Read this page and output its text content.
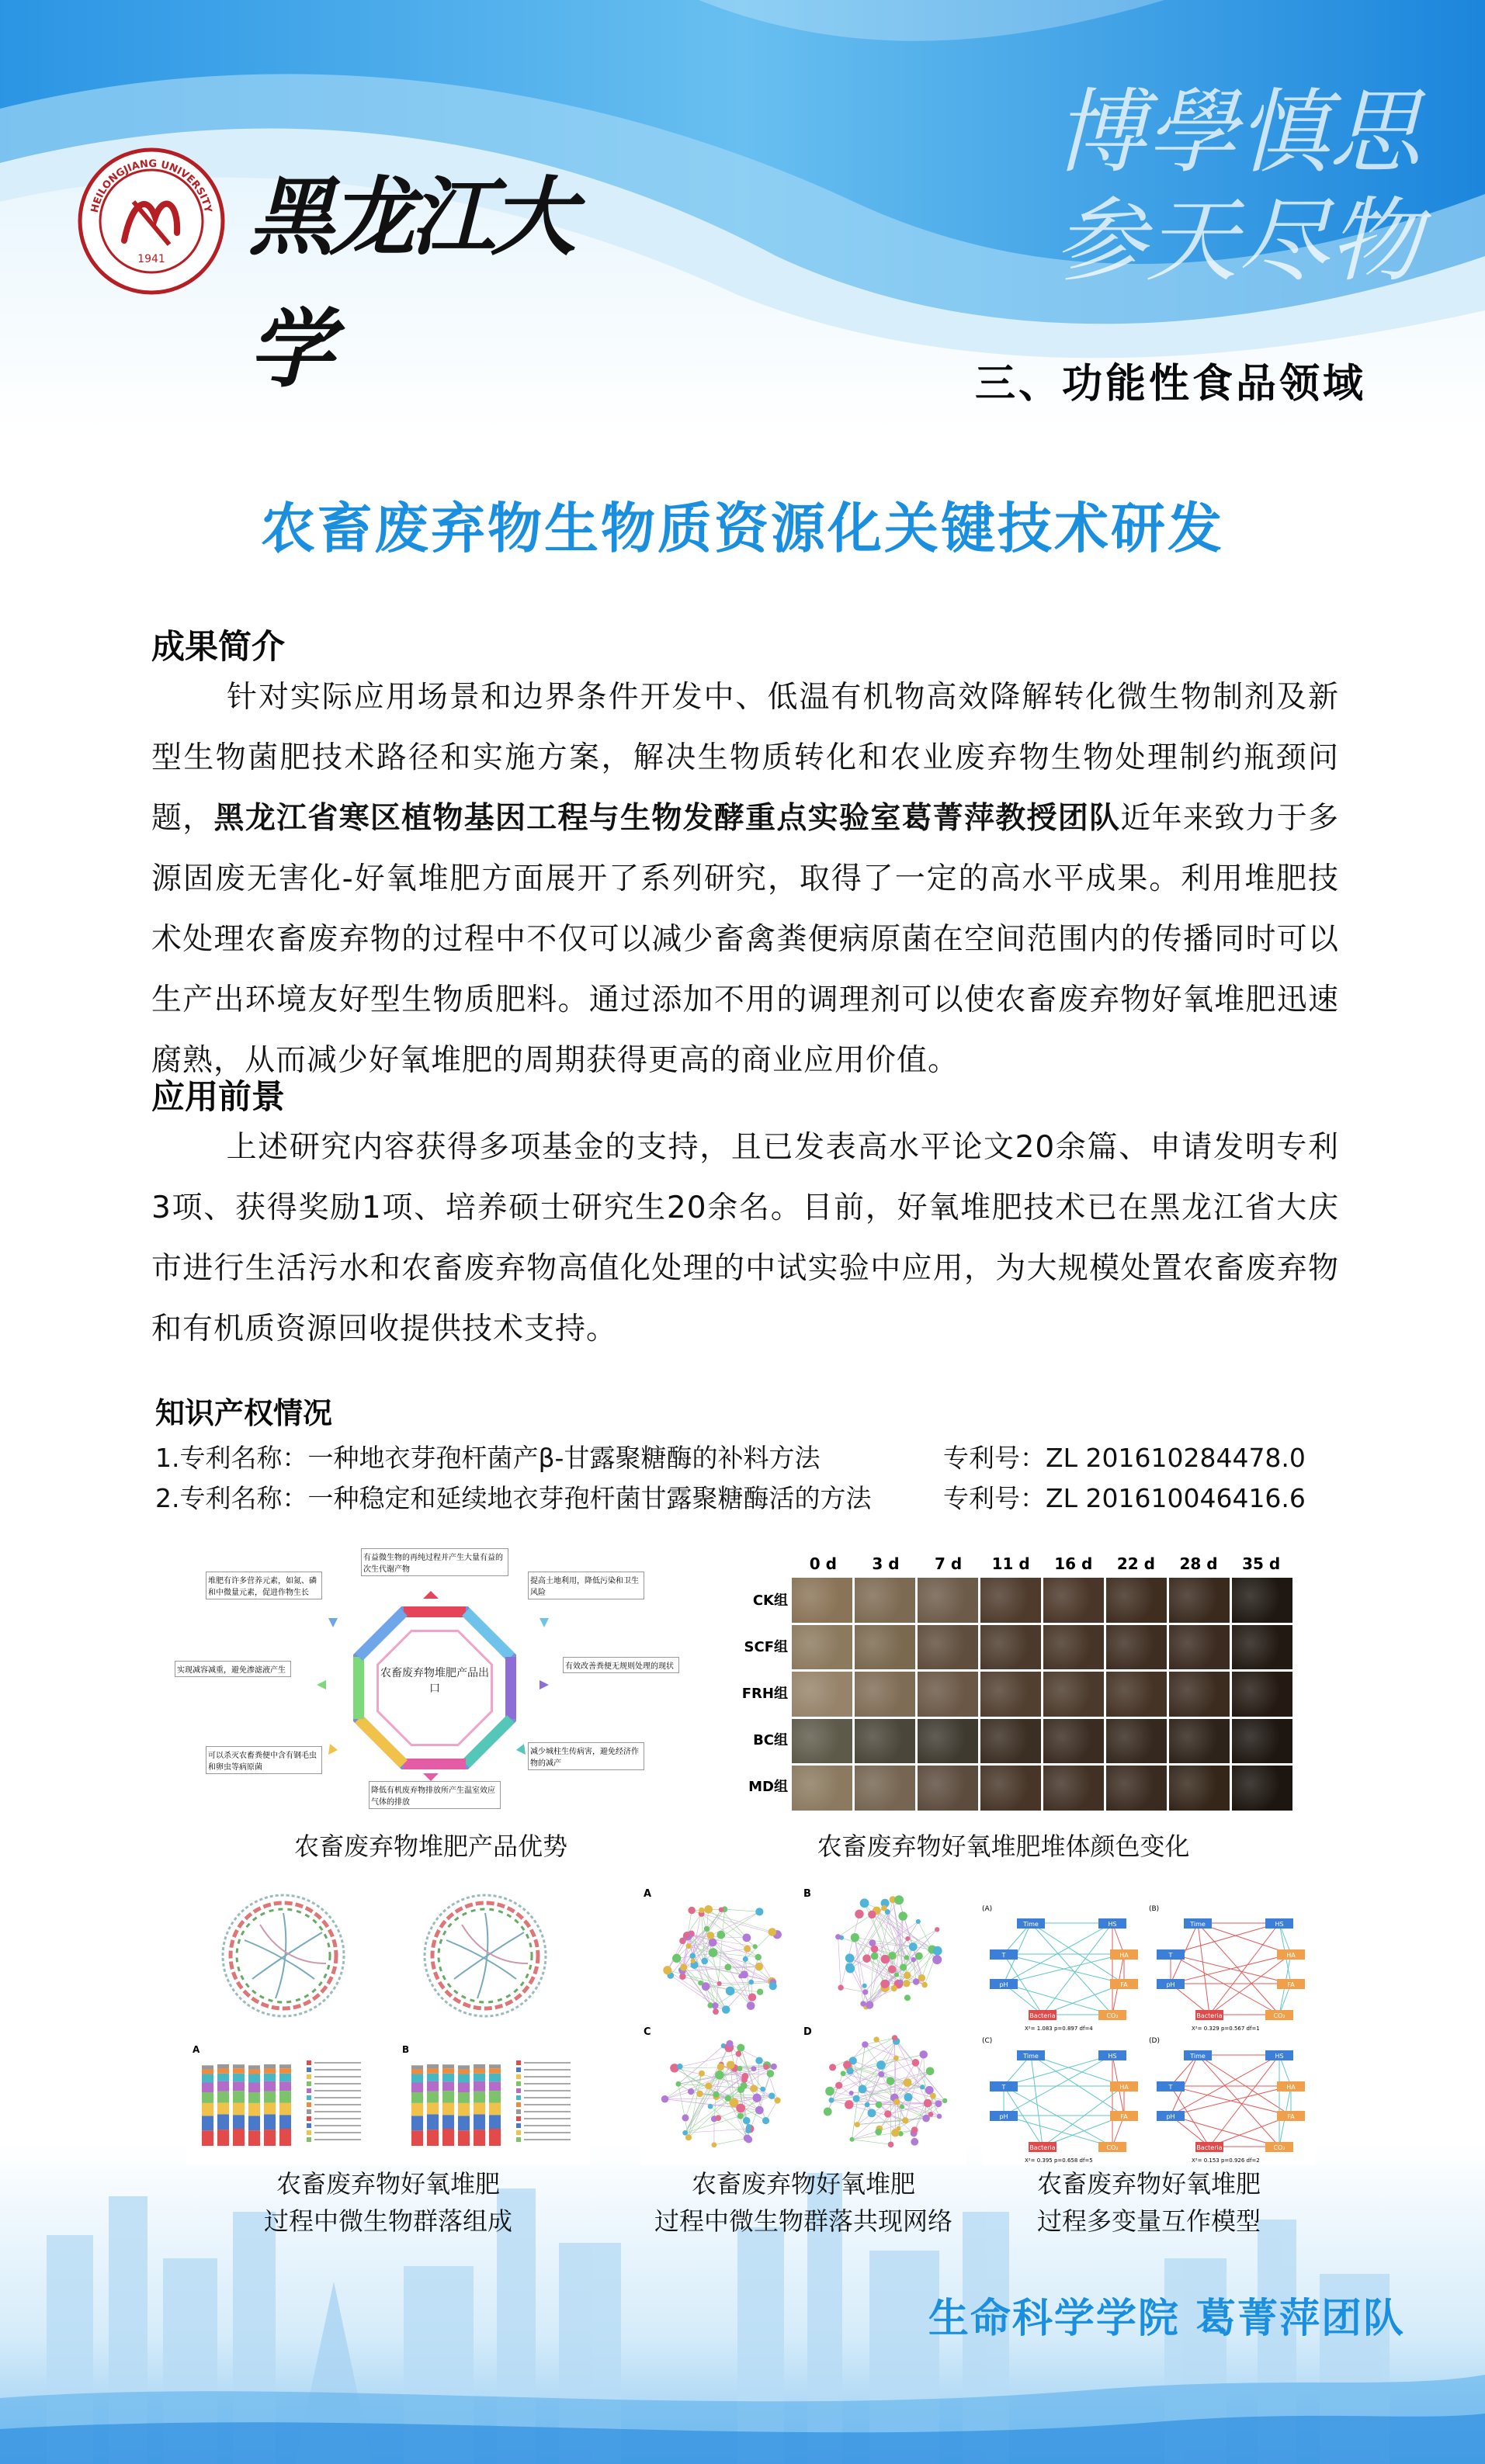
HEILONGJIANG UNIVERSITY
1941 黑龙江大学
博學慎思
参天尽物
三、功能性食品领域
农畜废弃物生物质资源化关键技术研发
成果简介
针对实际应用场景和边界条件开发中、低温有机物高效降解转化微生物制剂及新型生物菌肥技术路径和实施方案，解决生物质转化和农业废弃物生物处理制约瓶颈问题，黑龙江省寒区植物基因工程与生物发酵重点实验室葛菁萍教授团队近年来致力于多源固废无害化-好氧堆肥方面展开了系列研究，取得了一定的高水平成果。利用堆肥技术处理农畜废弃物的过程中不仅可以减少畜禽粪便病原菌在空间范围内的传播同时可以生产出环境友好型生物质肥料。通过添加不用的调理剂可以使农畜废弃物好氧堆肥迅速腐熟，从而减少好氧堆肥的周期获得更高的商业应用价值。
应用前景
上述研究内容获得多项基金的支持，且已发表高水平论文20余篇、申请发明专利3项、获得奖励1项、培养硕士研究生20余名。目前，好氧堆肥技术已在黑龙江省大庆市进行生活污水和农畜废弃物高值化处理的中试实验中应用，为大规模处置农畜废弃物和有机质资源回收提供技术支持。
知识产权情况
1.专利名称：一种地衣芽孢杆菌产β-甘露聚糖酶的补料方法	专利号：ZL 201610284478.0
2.专利名称：一种稳定和延续地衣芽孢杆菌甘露聚糖酶活的方法	专利号：ZL 201610046416.6
农畜废弃物堆肥产品出口
有益微生物的再纯过程并产生大量有益的次生代谢产物
提高土地利用，降低污染和卫生风险
有效改善粪便无规则处理的现状
减少城柱生传病害，避免经济作物的减产
降低有机废弃物排放所产生温室效应气体的排放
可以杀灭农畜粪便中含有钢毛虫和卵虫等病原菌
实现减容减重，避免渗滤液产生
堆肥有许多营养元素，如氮、磷和中微量元素，促进作物生长
农畜废弃物堆肥产品优势
0 d	3 d	7 d	11 d	16 d	22 d	28 d	35 d
CK组
SCF组
FRH组
BC组
MD组
农畜废弃物好氧堆肥堆体颜色变化
A	B
农畜废弃物好氧堆肥
过程中微生物群落组成
A	B
C	D
农畜废弃物好氧堆肥
过程中微生物群落共现网络
(A)
Time	HS
T	HA
pH	FA
Bacteria	CO₂
X²= 1.083 p=0.897 df=4
(B)
Time	HS
T	HA
pH	FA
Bacteria	CO₂
X²= 0.329 p=0.567 df=1
(C)
Time	HS
T	HA
pH	FA
Bacteria	CO₂
X²= 0.395 p=0.658 df=5
(D)
Time	HS
T	HA
pH	FA
Bacteria	CO₂
X²= 0.153 p=0.926 df=2
农畜废弃物好氧堆肥
过程多变量互作模型
生命科学学院 葛菁萍团队
